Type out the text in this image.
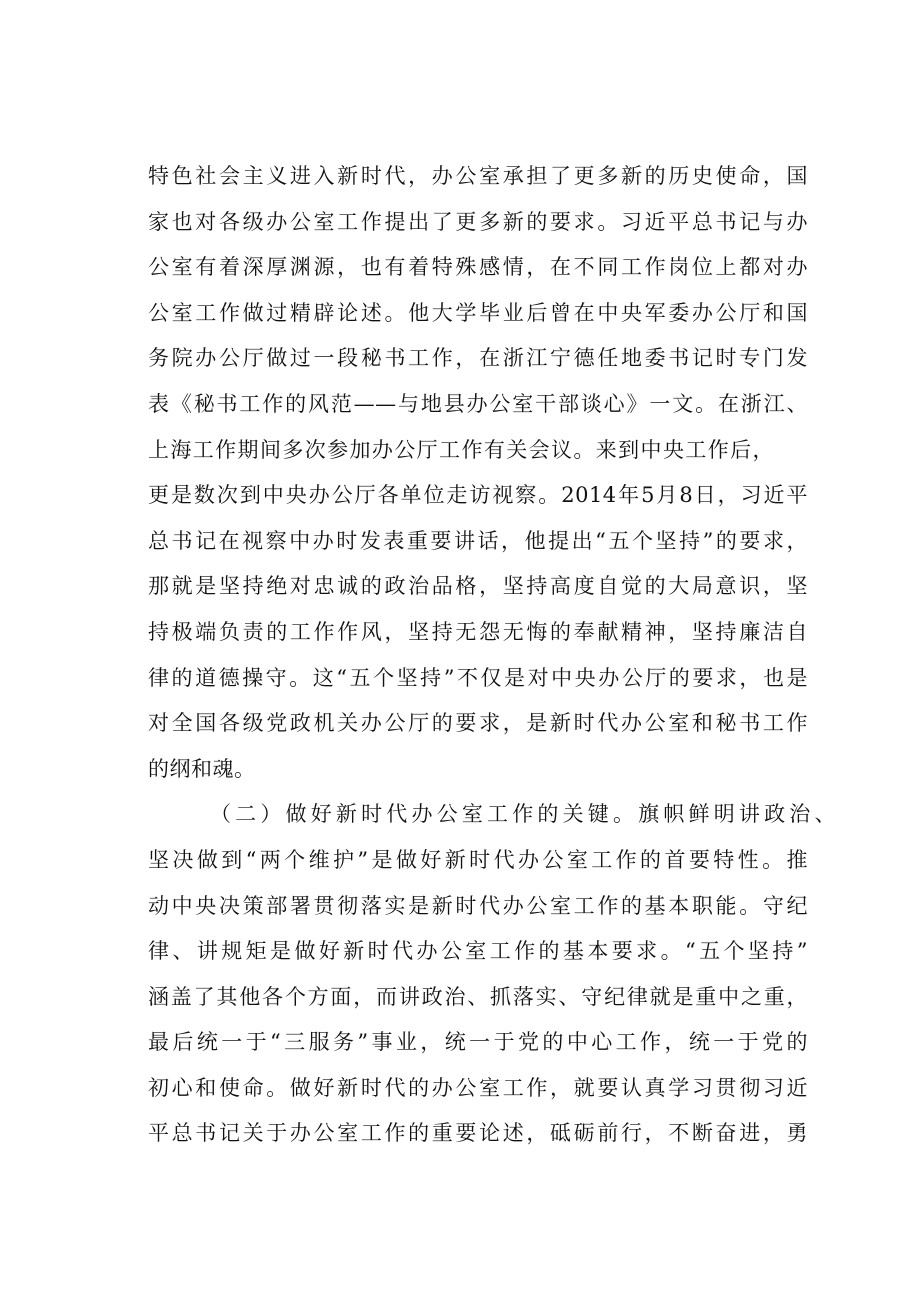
特色社会主义进入新时代，办公室承担了更多新的历史使命，国
家也对各级办公室工作提出了更多新的要求。习近平总书记与办
公室有着深厚渊源，也有着特殊感情，在不同工作岗位上都对办
公室工作做过精辟论述。他大学毕业后曾在中央军委办公厅和国
务院办公厅做过一段秘书工作，在浙江宁德任地委书记时专门发
表《秘书工作的风范——与地县办公室干部谈心》一文。在浙江、
上海工作期间多次参加办公厅工作有关会议。来到中央工作后，
更是数次到中央办公厅各单位走访视察。2014年5月8日，习近平
总书记在视察中办时发表重要讲话，他提出“五个坚持”的要求，
那就是坚持绝对忠诚的政治品格，坚持高度自觉的大局意识，坚
持极端负责的工作作风，坚持无怨无悔的奉献精神，坚持廉洁自
律的道德操守。这“五个坚持”不仅是对中央办公厅的要求，也是
对全国各级党政机关办公厅的要求，是新时代办公室和秘书工作
的纲和魂。
（二）做好新时代办公室工作的关键。旗帜鲜明讲政治、
坚决做到“两个维护”是做好新时代办公室工作的首要特性。推
动中央决策部署贯彻落实是新时代办公室工作的基本职能。守纪
律、讲规矩是做好新时代办公室工作的基本要求。“五个坚持”
涵盖了其他各个方面，而讲政治、抓落实、守纪律就是重中之重，
最后统一于“三服务”事业，统一于党的中心工作，统一于党的
初心和使命。做好新时代的办公室工作，就要认真学习贯彻习近
平总书记关于办公室工作的重要论述，砥砺前行，不断奋进，勇
